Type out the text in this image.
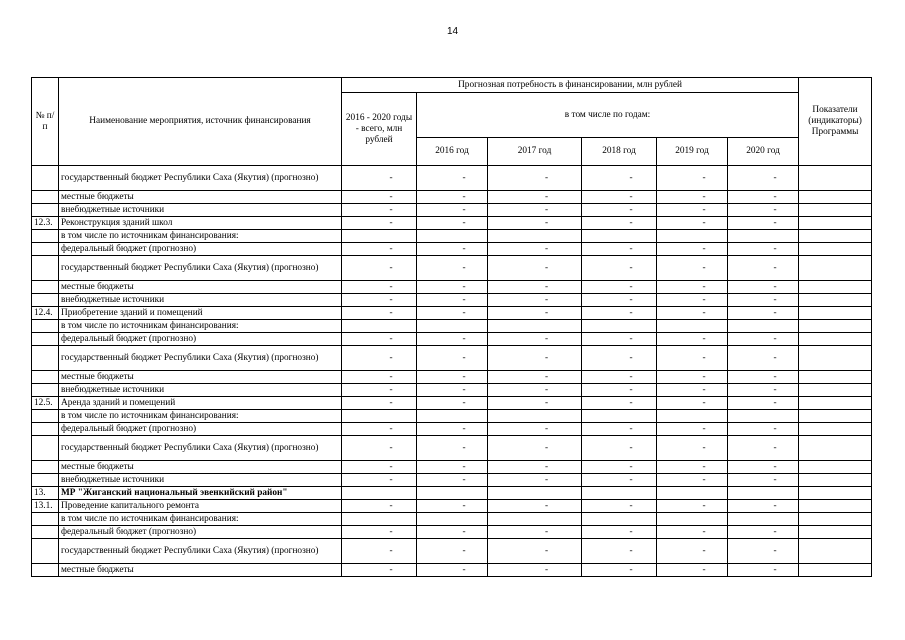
14
№ п/п	Наименование мероприятия, источник финансирования	Прогнозная потребность в финансировании, млн рублей						Показатели (индикаторы) Программы
		2016 - 2020 годы - всего, млн рублей	в том числе по годам:					
			2016 год	2017 год	2018 год	2019 год	2020 год	
	государственный бюджет Республики Саха (Якутия) (прогнозно)	-	-	-	-	-	-	
	местные бюджеты	-	-	-	-	-	-	
	внебюджетные источники	-	-	-	-	-	-	
12.3.	Реконструкция зданий школ	-	-	-	-	-	-	
	в том числе по источникам финансирования:							
	федеральный бюджет (прогнозно)	-	-	-	-	-	-	
	государственный бюджет Республики Саха (Якутия) (прогнозно)	-	-	-	-	-	-	
	местные бюджеты	-	-	-	-	-	-	
	внебюджетные источники	-	-	-	-	-	-	
12.4.	Приобретение зданий и помещений	-	-	-	-	-	-	
	в том числе по источникам финансирования:							
	федеральный бюджет (прогнозно)	-	-	-	-	-	-	
	государственный бюджет Республики Саха (Якутия) (прогнозно)	-	-	-	-	-	-	
	местные бюджеты	-	-	-	-	-	-	
	внебюджетные источники	-	-	-	-	-	-	
12.5.	Аренда зданий и помещений	-	-	-	-	-	-	
	в том числе по источникам финансирования:							
	федеральный бюджет (прогнозно)	-	-	-	-	-	-	
	государственный бюджет Республики Саха (Якутия) (прогнозно)	-	-	-	-	-	-	
	местные бюджеты	-	-	-	-	-	-	
	внебюджетные источники	-	-	-	-	-	-	
13.	МР "Жиганский национальный эвенкийский район"							
13.1.	Проведение капитального ремонта	-	-	-	-	-	-	
	в том числе по источникам финансирования:							
	федеральный бюджет (прогнозно)	-	-	-	-	-	-	
	государственный бюджет Республики Саха (Якутия) (прогнозно)	-	-	-	-	-	-	
	местные бюджеты	-	-	-	-	-	-	
